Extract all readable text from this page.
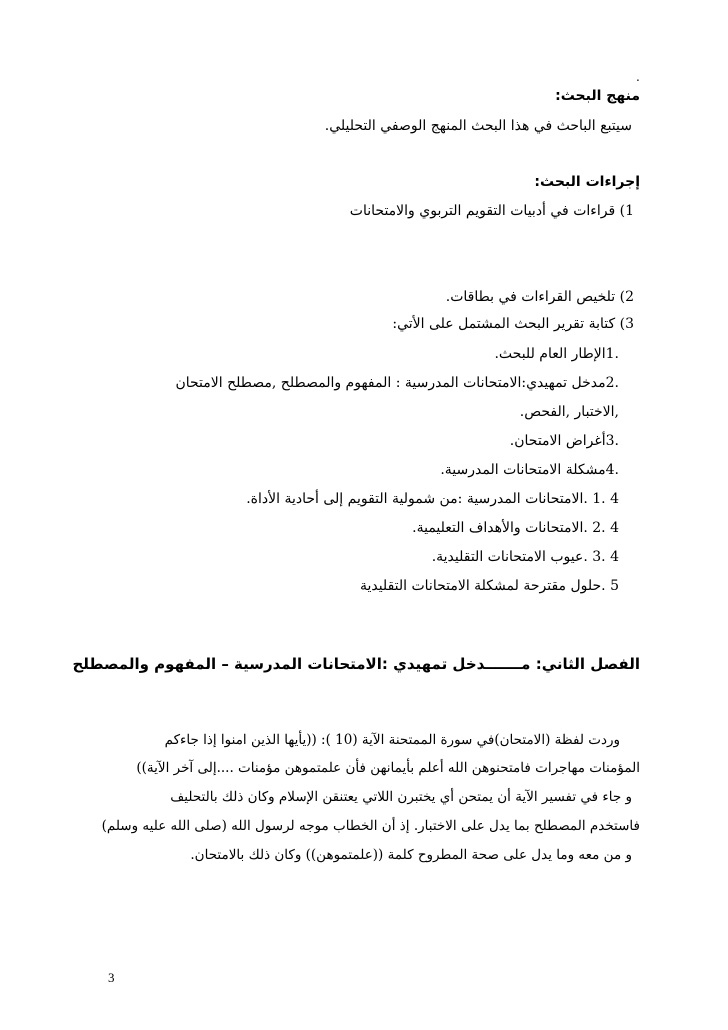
.
منهج البحث:
سيتبع الباحث في هذا البحث المنهج الوصفي التحليلي.
إجراءات البحث:
1) قراءات في أدبيات التقويم التربوي والامتحانات
2) تلخيص القراءات في بطاقات.
3) كتابة تقرير البحث المشتمل على الأتي:
.1الإطار العام للبحث.
.2مدخل تمهيدي:الامتحانات المدرسية : المفهوم والمصطلح ,مصطلح الامتحان
,الاختبار ,الفحص.
.3أغراض الامتحان.
.4مشكلة الامتحانات المدرسية.
4 .1 .الامتحانات المدرسية :من شمولية التقويم إلى أحادية الأداة.
4 .2 .الامتحانات والأهداف التعليمية.
4 .3 .عيوب الامتحانات التقليدية.
5 .حلول مقترحة لمشكلة الامتحانات التقليدية
الفصل الثاني: مـــــــدخل تمهيدي :الامتحانات المدرسية – المفهوم والمصطلح
وردت لفظة (الامتحان)في سورة الممتحنة الآية (10 ): ((يأيها الذين امنوا إذا جاءكم
المؤمنات مهاجرات فامتحنوهن الله أعلم بأيمانهن فأن علمتموهن مؤمنات ....إلى آخر الآية))
و جاء في تفسير الآية أن يمتحن أي يختبرن اللاتي يعتنقن الإسلام وكان ذلك بالتحليف
فاستخدم المصطلح بما يدل على الاختبار. إذ أن الخطاب موجه لرسول الله (صلى الله عليه وسلم)
و من معه وما يدل على صحة المطروح كلمة ((علمتموهن)) وكان ذلك بالامتحان.
3
